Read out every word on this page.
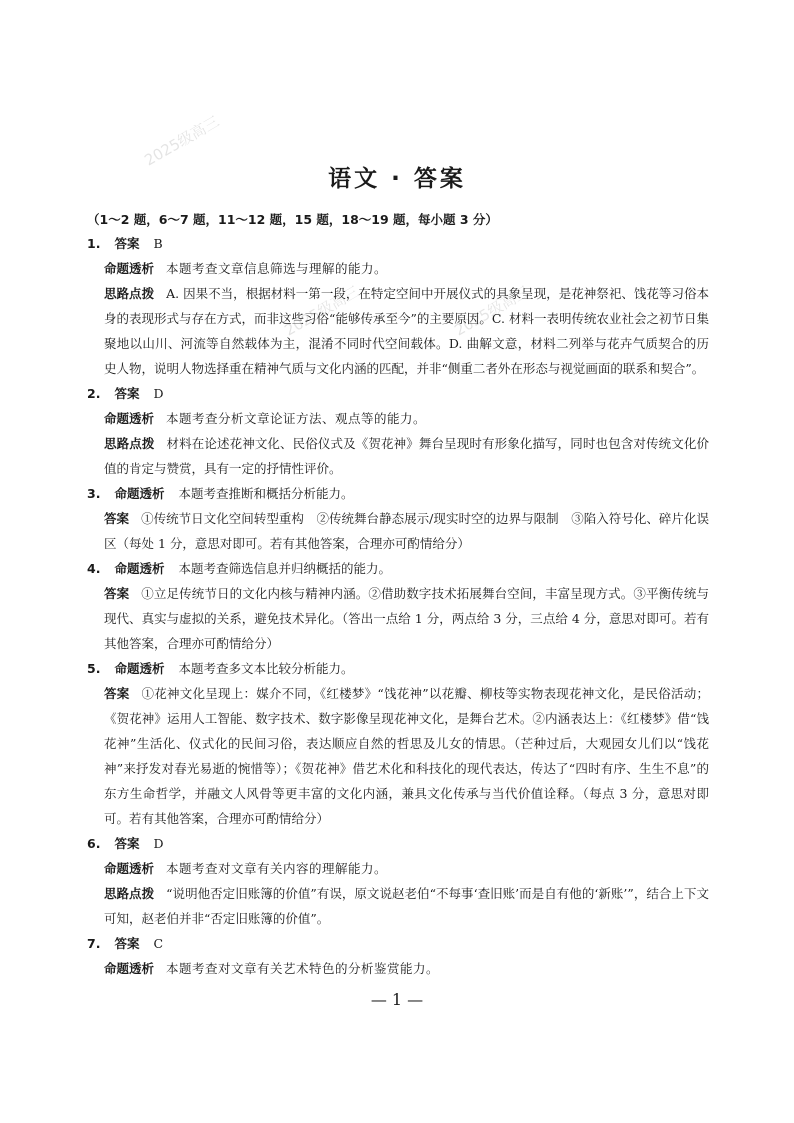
2025级高三
2025级高三	2025级高三
语文 · 答案
（1～2 题，6～7 题，11～12 题，15 题，18～19 题，每小题 3 分）
1. 答案 B
命题透析 本题考查文章信息筛选与理解的能力。
思路点拨 A. 因果不当，根据材料一第一段，在特定空间中开展仪式的具象呈现，是花神祭祀、饯花等习俗本身的表现形式与存在方式，而非这些习俗“能够传承至今”的主要原因。C. 材料一表明传统农业社会之初节日集聚地以山川、河流等自然载体为主，混淆不同时代空间载体。D. 曲解文意，材料二列举与花卉气质契合的历史人物，说明人物选择重在精神气质与文化内涵的匹配，并非“侧重二者外在形态与视觉画面的联系和契合”。
2. 答案 D
命题透析 本题考查分析文章论证方法、观点等的能力。
思路点拨 材料在论述花神文化、民俗仪式及《贺花神》舞台呈现时有形象化描写，同时也包含对传统文化价值的肯定与赞赏，具有一定的抒情性评价。
3. 命题透析 本题考查推断和概括分析能力。
答案 ①传统节日文化空间转型重构　②传统舞台静态展示/现实时空的边界与限制　③陷入符号化、碎片化误区（每处 1 分，意思对即可。若有其他答案，合理亦可酌情给分）
4. 命题透析 本题考查筛选信息并归纳概括的能力。
答案 ①立足传统节日的文化内核与精神内涵。②借助数字技术拓展舞台空间，丰富呈现方式。③平衡传统与现代、真实与虚拟的关系，避免技术异化。（答出一点给 1 分，两点给 3 分，三点给 4 分，意思对即可。若有其他答案，合理亦可酌情给分）
5. 命题透析 本题考查多文本比较分析能力。
答案 ①花神文化呈现上：媒介不同，《红楼梦》“饯花神”以花瓣、柳枝等实物表现花神文化，是民俗活动；《贺花神》运用人工智能、数字技术、数字影像呈现花神文化，是舞台艺术。②内涵表达上：《红楼梦》借“饯花神”生活化、仪式化的民间习俗，表达顺应自然的哲思及儿女的情思。（芒种过后，大观园女儿们以“饯花神”来抒发对春光易逝的惋惜等）；《贺花神》借艺术化和科技化的现代表达，传达了“四时有序、生生不息”的东方生命哲学，并融文人风骨等更丰富的文化内涵，兼具文化传承与当代价值诠释。（每点 3 分，意思对即可。若有其他答案，合理亦可酌情给分）
6. 答案 D
命题透析 本题考查对文章有关内容的理解能力。
思路点拨 “说明他否定旧账簿的价值”有误，原文说赵老伯“不每事‘查旧账’而是自有他的‘新账’”，结合上下文可知，赵老伯并非“否定旧账簿的价值”。
7. 答案 C
命题透析 本题考查对文章有关艺术特色的分析鉴赏能力。
— 1 —
